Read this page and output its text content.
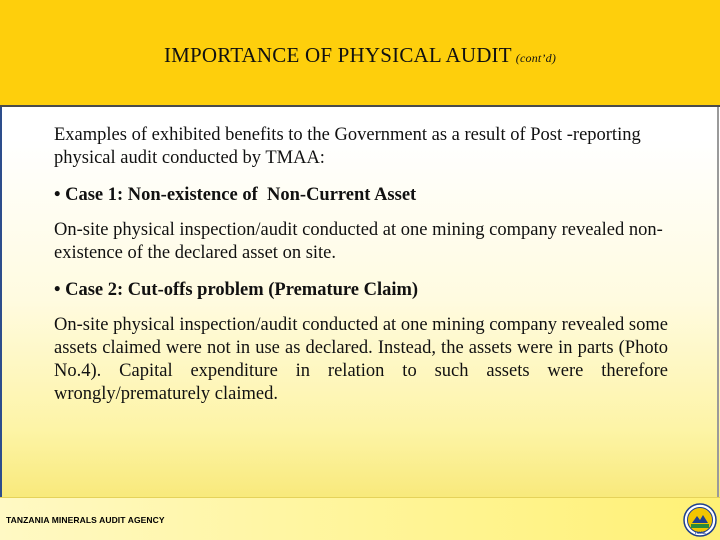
IMPORTANCE OF PHYSICAL AUDIT (cont’d)

Examples of exhibited benefits to the Government as a result of Post -reporting physical audit conducted by TMAA:

• Case 1: Non-existence of  Non-Current Asset

On-site physical inspection/audit conducted at one mining company revealed non-existence of the declared asset on site.

• Case 2: Cut-offs problem (Premature Claim)

On-site physical inspection/audit conducted at one mining company revealed some assets claimed were not in use as declared. Instead, the assets were in parts (Photo No.4). Capital expenditure in relation to such assets were therefore wrongly/prematurely claimed.

TANZANIA MINERALS AUDIT AGENCY
TMAA
